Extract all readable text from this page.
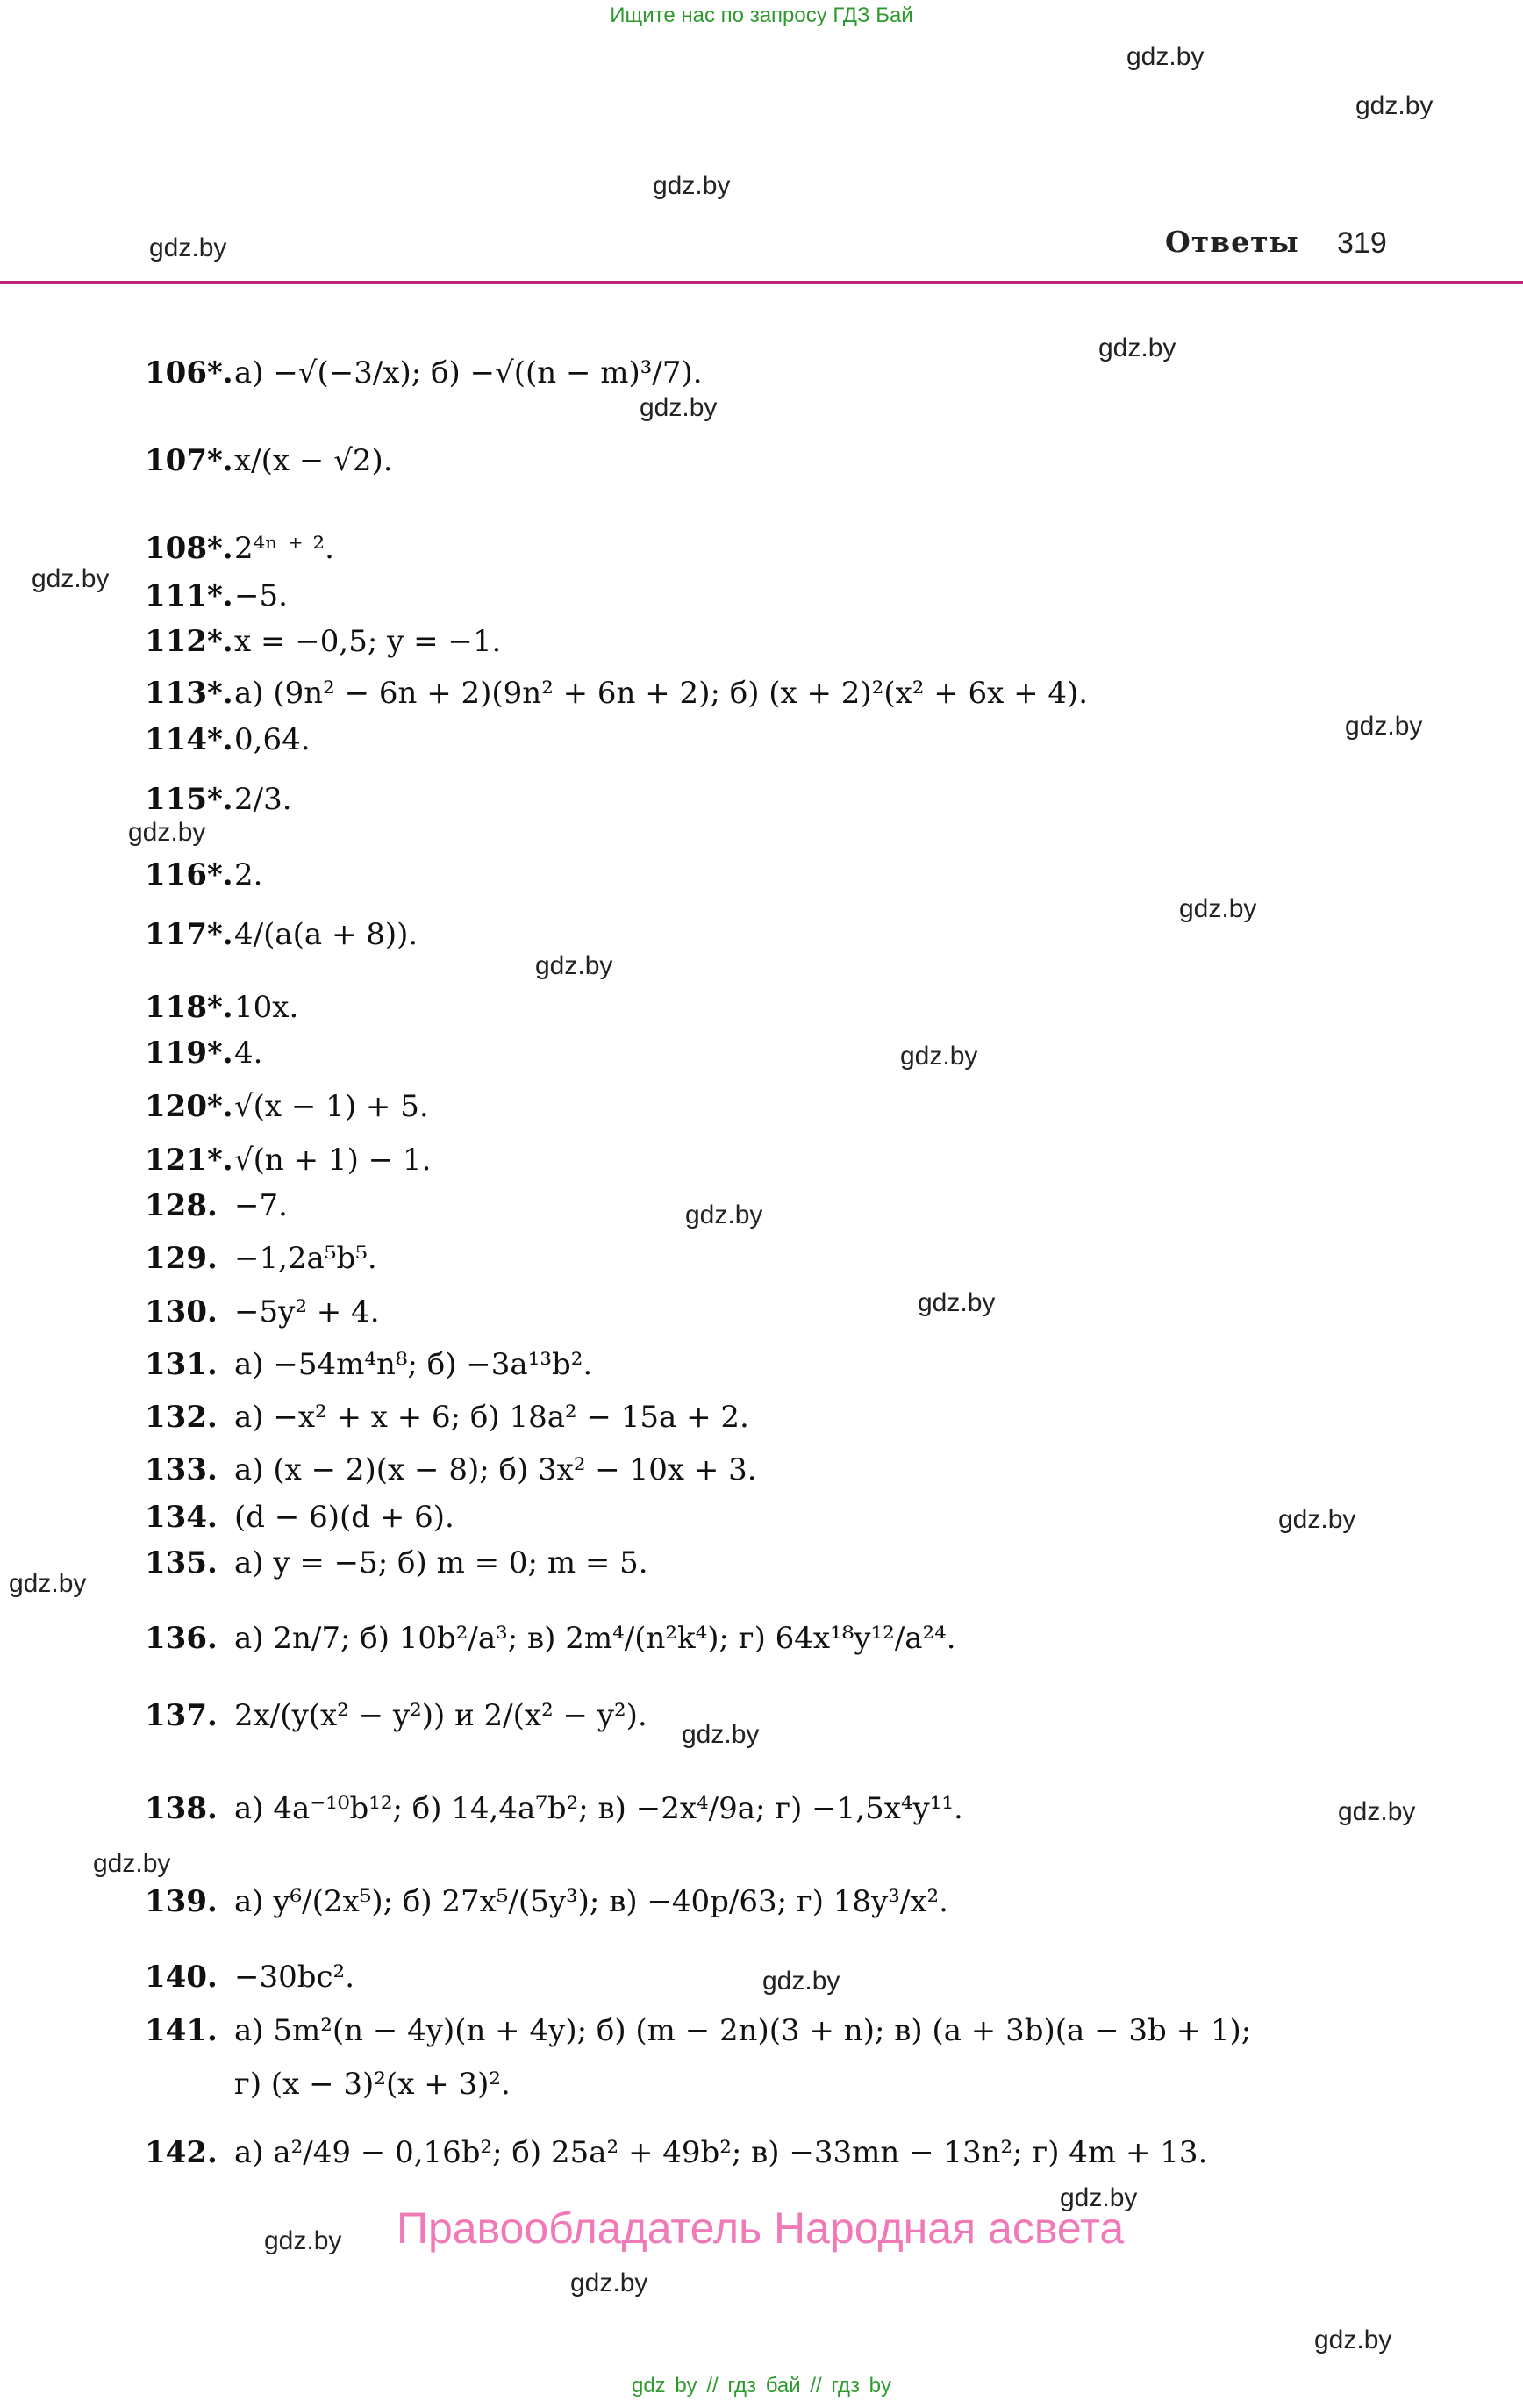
Ищите нас по запросу ГДЗ Бай
gdz.by
gdz.by
gdz.by
gdz.by	Ответы 319
gdz.by
gdz.by
gdz.by
gdz.by
gdz.by
gdz.by
gdz.by
gdz.by
gdz.by
gdz.by
gdz.by
gdz.by
gdz.by
gdz.by
gdz.by
gdz.by
gdz.by
gdz.by
gdz.by
gdz.by
106*.а) −√(−3/x); б) −√((n − m)³/7).
107*.x/(x − √2).
108*.2⁴ⁿ ⁺ ².
111*.−5.
112*.x = −0,5; y = −1.
113*.а) (9n² − 6n + 2)(9n² + 6n + 2); б) (x + 2)²(x² + 6x + 4).
114*.0,64.
115*.2/3.
116*.2.
117*.4/(a(a + 8)).
118*.10x.
119*.4.
120*.√(x − 1) + 5.
121*.√(n + 1) − 1.
128. −7.
129. −1,2a⁵b⁵.
130. −5y² + 4.
131. а) −54m⁴n⁸; б) −3a¹³b².
132. а) −x² + x + 6; б) 18a² − 15a + 2.
133. а) (x − 2)(x − 8); б) 3x² − 10x + 3.
134. (d − 6)(d + 6).
135. а) y = −5; б) m = 0; m = 5.
136. а) 2n/7; б) 10b²/a³; в) 2m⁴/(n²k⁴); г) 64x¹⁸y¹²/a²⁴.
137. 2x/(y(x² − y²)) и 2/(x² − y²).
138. а) 4a⁻¹⁰b¹²; б) 14,4a⁷b²; в) −2x⁴/9a; г) −1,5x⁴y¹¹.
139. а) y⁶/(2x⁵); б) 27x⁵/(5y³); в) −40p/63; г) 18y³/x².
140. −30bc².
141. а) 5m²(n − 4y)(n + 4y); б) (m − 2n)(3 + n); в) (a + 3b)(a − 3b + 1);
г) (x − 3)²(x + 3)².
142. а) a²/49 − 0,16b²; б) 25a² + 49b²; в) −33mn − 13n²; г) 4m + 13.
Правообладатель Народная асвета
gdz by // гдз бай // гдз by
